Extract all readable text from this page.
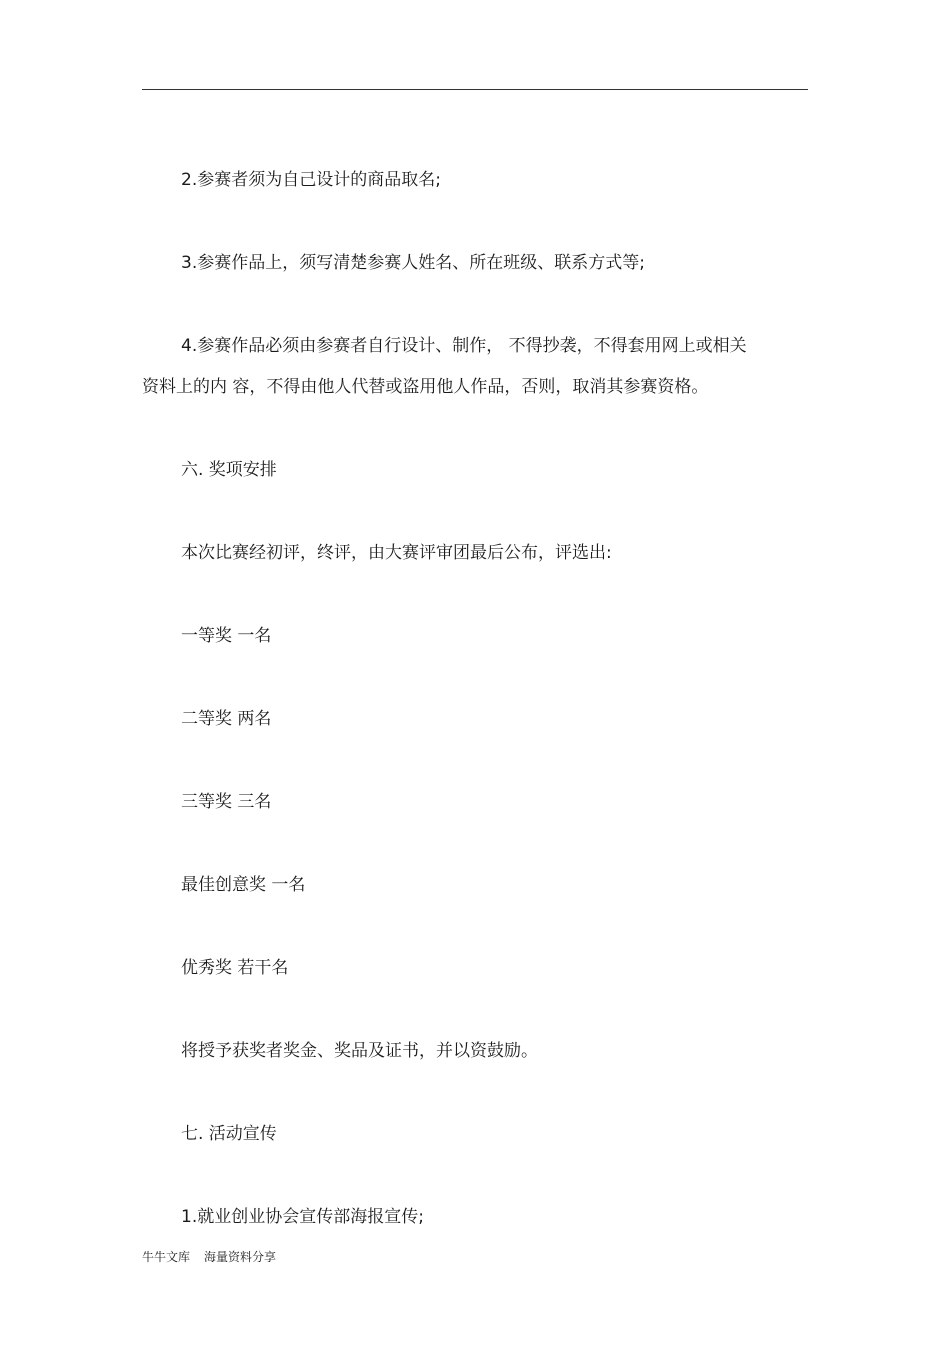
2.参赛者须为自己设计的商品取名;

3.参赛作品上，须写清楚参赛人姓名、所在班级、联系方式等;

4.参赛作品必须由参赛者自行设计、制作， 不得抄袭，不得套用网上或相关

资料上的内 容，不得由他人代替或盗用他人作品，否则，取消其参赛资格。

六. 奖项安排

本次比赛经初评，终评，由大赛评审团最后公布，评选出:

一等奖 一名

二等奖 两名

三等奖 三名

最佳创意奖 一名

优秀奖 若干名

将授予获奖者奖金、奖品及证书，并以资鼓励。

七. 活动宣传

1.就业创业协会宣传部海报宣传;

牛牛文库 海量资料分享
